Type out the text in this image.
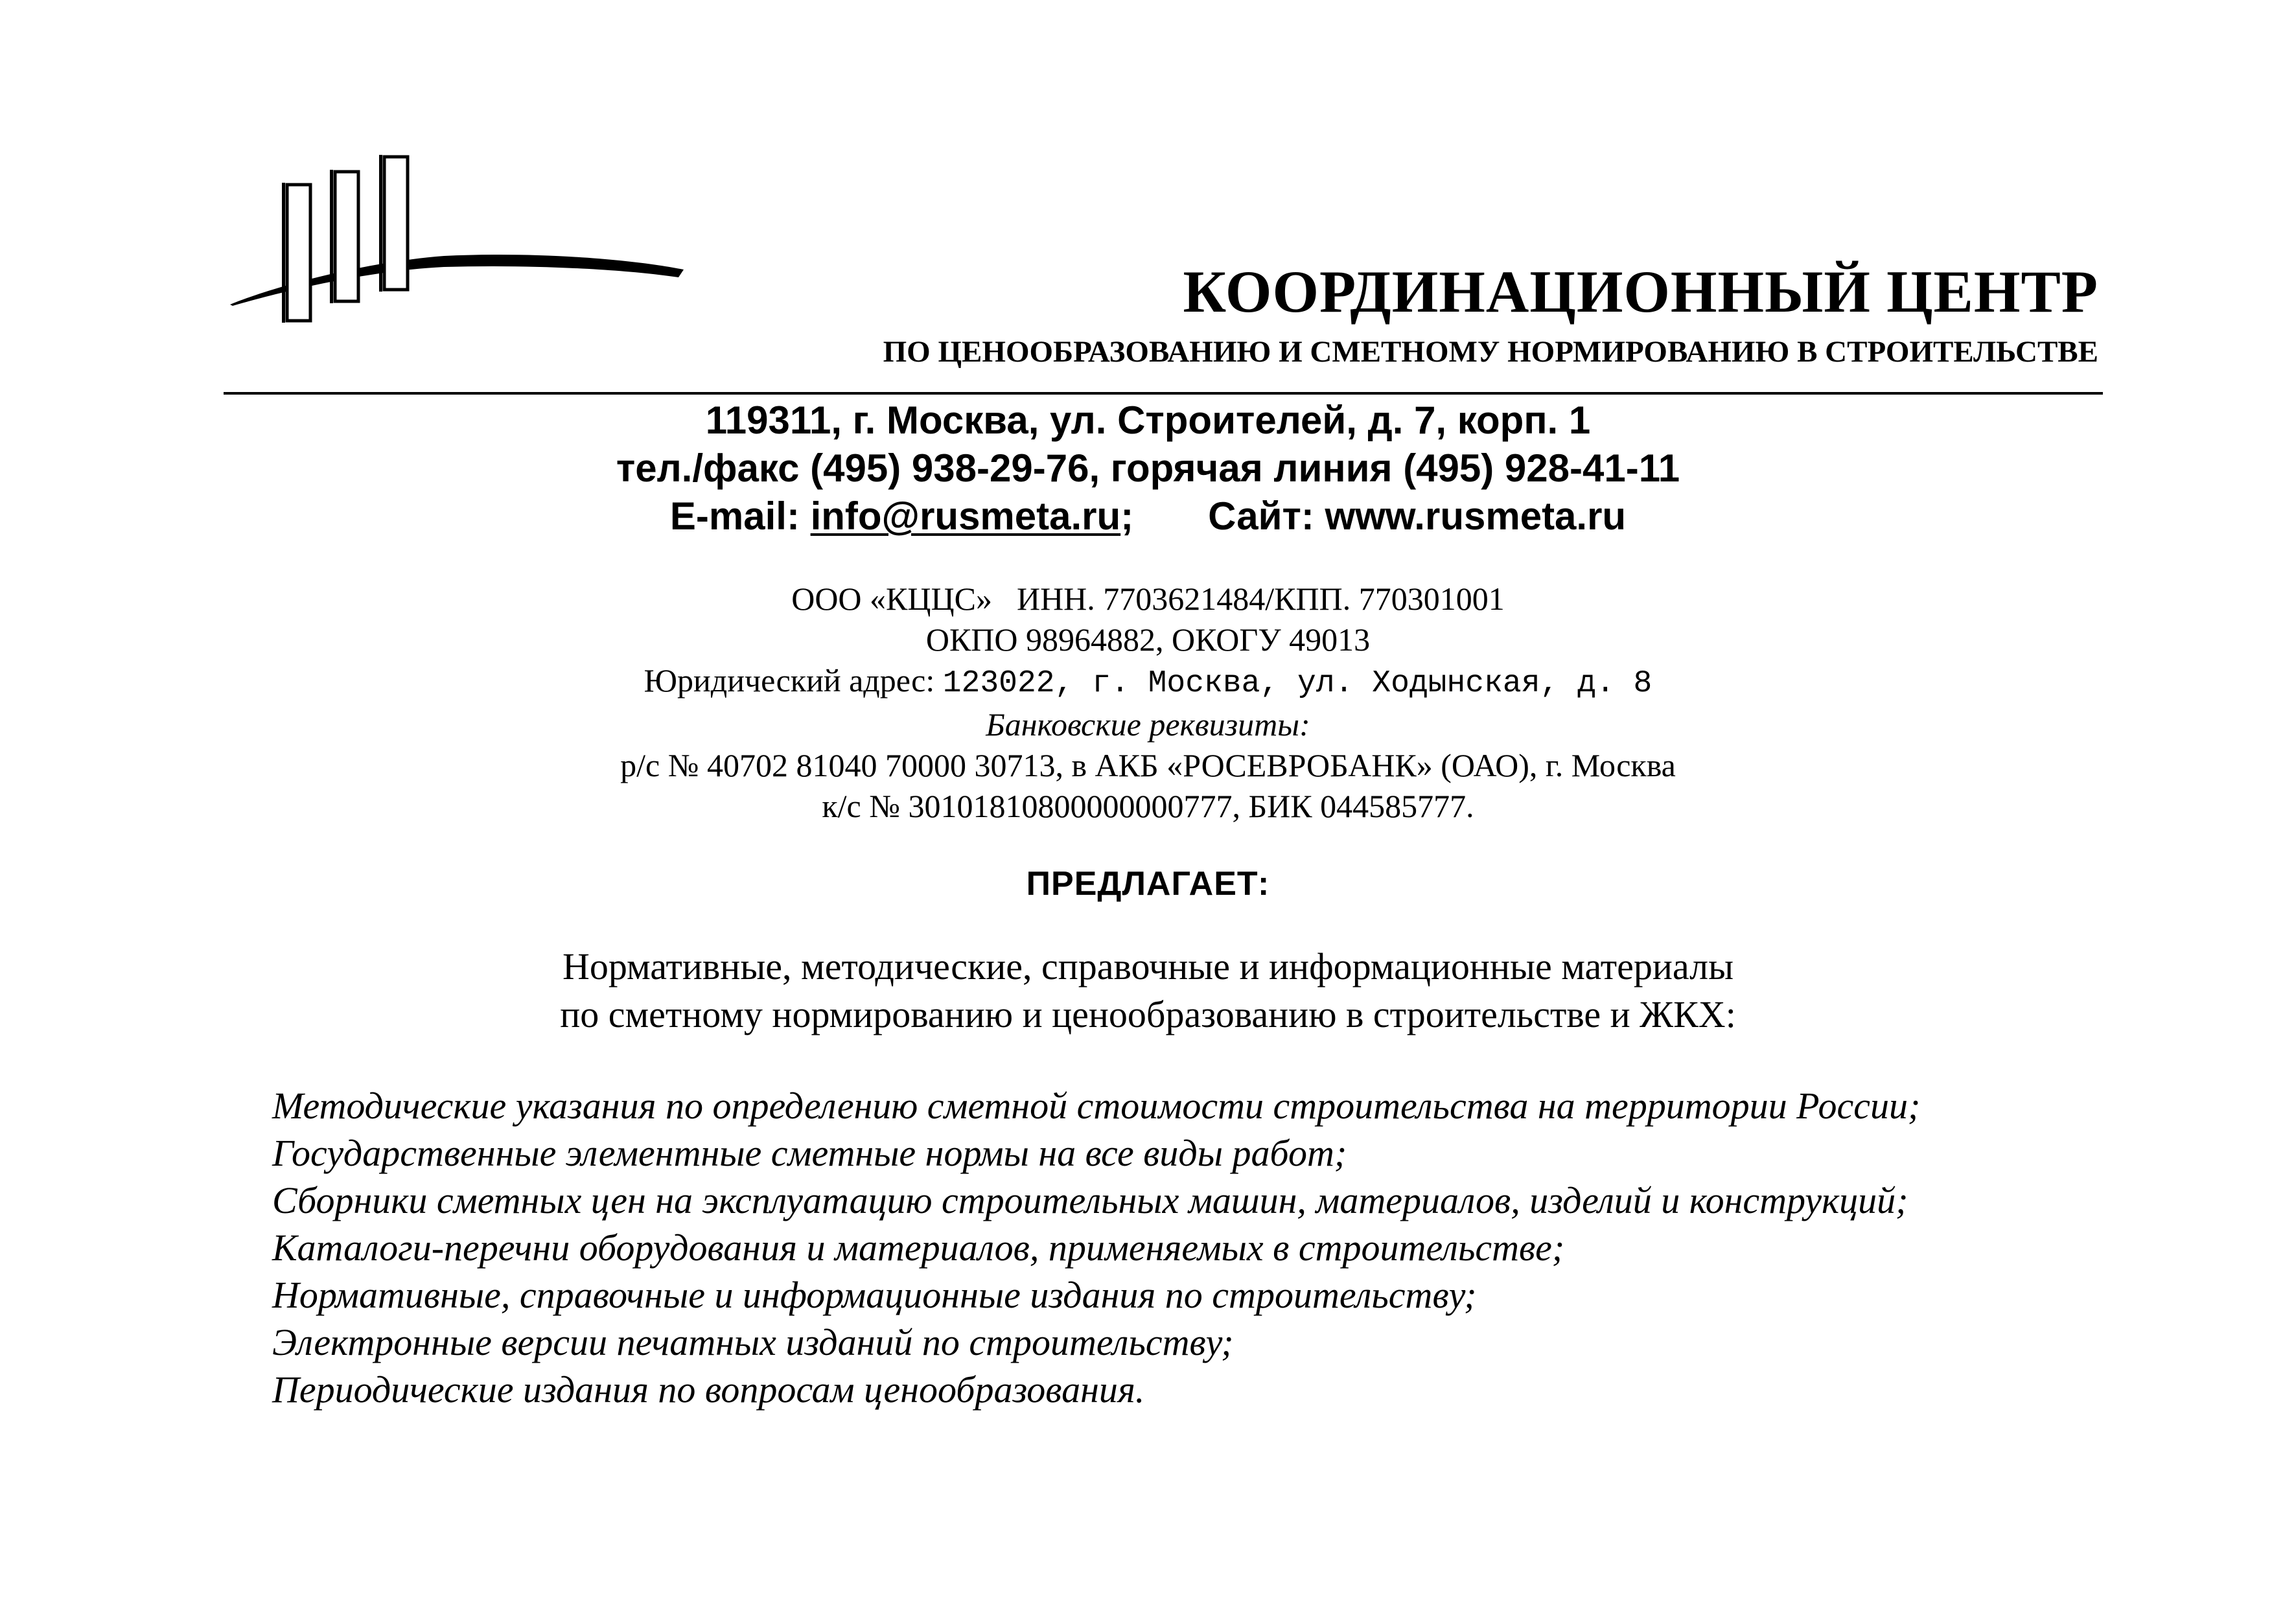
КООРДИНАЦИОННЫЙ ЦЕНТР
ПО ЦЕНООБРАЗОВАНИЮ И СМЕТНОМУ НОРМИРОВАНИЮ В СТРОИТЕЛЬСТВЕ
119311, г. Москва, ул. Строителей, д. 7, корп. 1
тел./факс (495) 938-29-76, горячая линия (495) 928-41-11
E-mail: info@rusmeta.ru; Сайт: www.rusmeta.ru
ООО «КЦЦС» ИНН. 7703621484/КПП. 770301001
ОКПО 98964882, ОКОГУ 49013
Юридический адрес: 123022, г. Москва, ул. Ходынская, д. 8
Банковские реквизиты:
р/с № 40702 81040 70000 30713, в АКБ «РОСЕВРОБАНК» (ОАО), г. Москва
к/с № 30101810800000000777, БИК 044585777.
ПРЕДЛАГАЕТ:
Нормативные, методические, справочные и информационные материалы
по сметному нормированию и ценообразованию в строительстве и ЖКХ:
Методические указания по определению сметной стоимости строительства на территории России;
Государственные элементные сметные нормы на все виды работ;
Сборники сметных цен на эксплуатацию строительных машин, материалов, изделий и конструкций;
Каталоги-перечни оборудования и материалов, применяемых в строительстве;
Нормативные, справочные и информационные издания по строительству;
Электронные версии печатных изданий по строительству;
Периодические издания по вопросам ценообразования.
